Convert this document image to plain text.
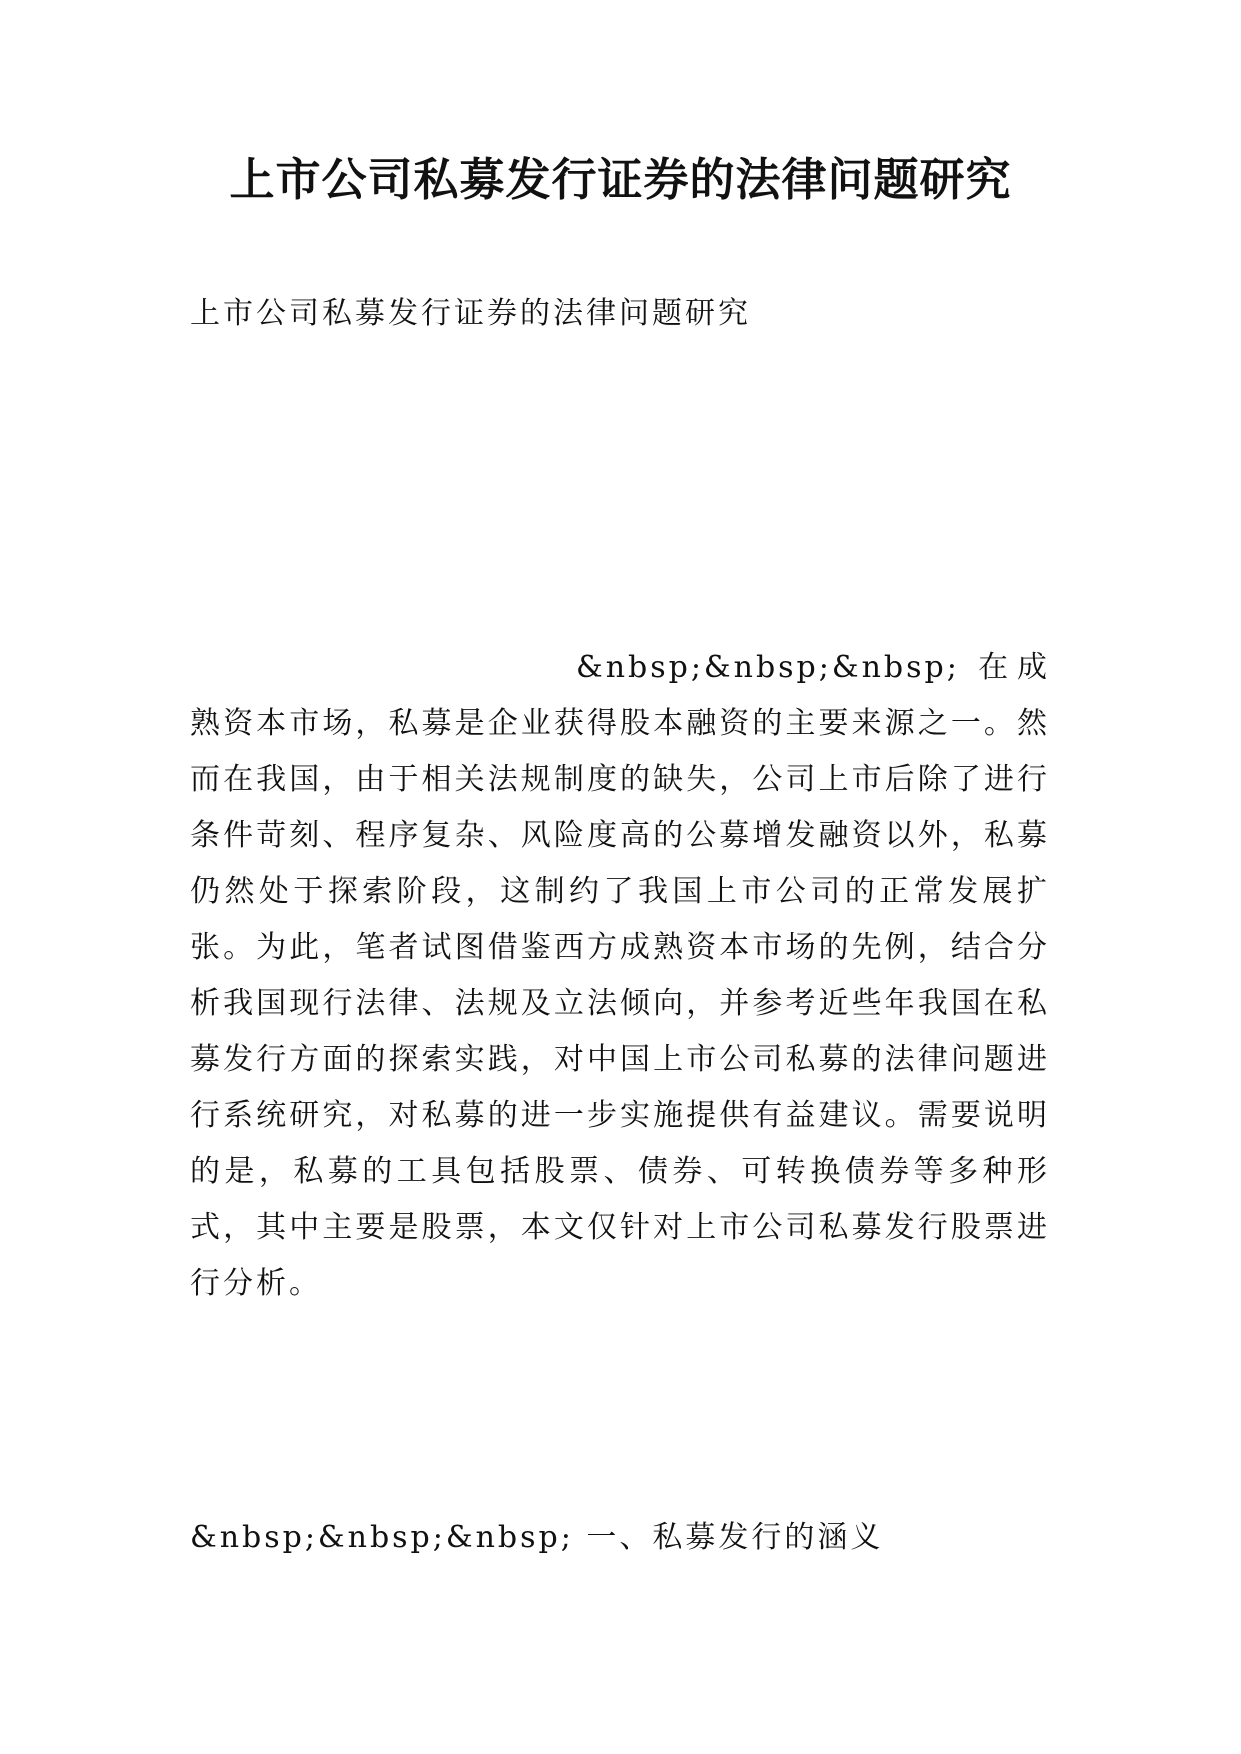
上市公司私募发行证券的法律问题研究

上市公司私募发行证券的法律问题研究

&nbsp;&nbsp;&nbsp; 在成熟资本市场，私募是企业获得股本融资的主要来源之一。然而在我国，由于相关法规制度的缺失，公司上市后除了进行条件苛刻、程序复杂、风险度高的公募增发融资以外，私募仍然处于探索阶段，这制约了我国上市公司的正常发展扩张。为此，笔者试图借鉴西方成熟资本市场的先例，结合分析我国现行法律、法规及立法倾向，并参考近些年我国在私募发行方面的探索实践，对中国上市公司私募的法律问题进行系统研究，对私募的进一步实施提供有益建议。需要说明的是，私募的工具包括股票、债券、可转换债券等多种形式，其中主要是股票，本文仅针对上市公司私募发行股票进行分析。

&nbsp;&nbsp;&nbsp; 一、私募发行的涵义
